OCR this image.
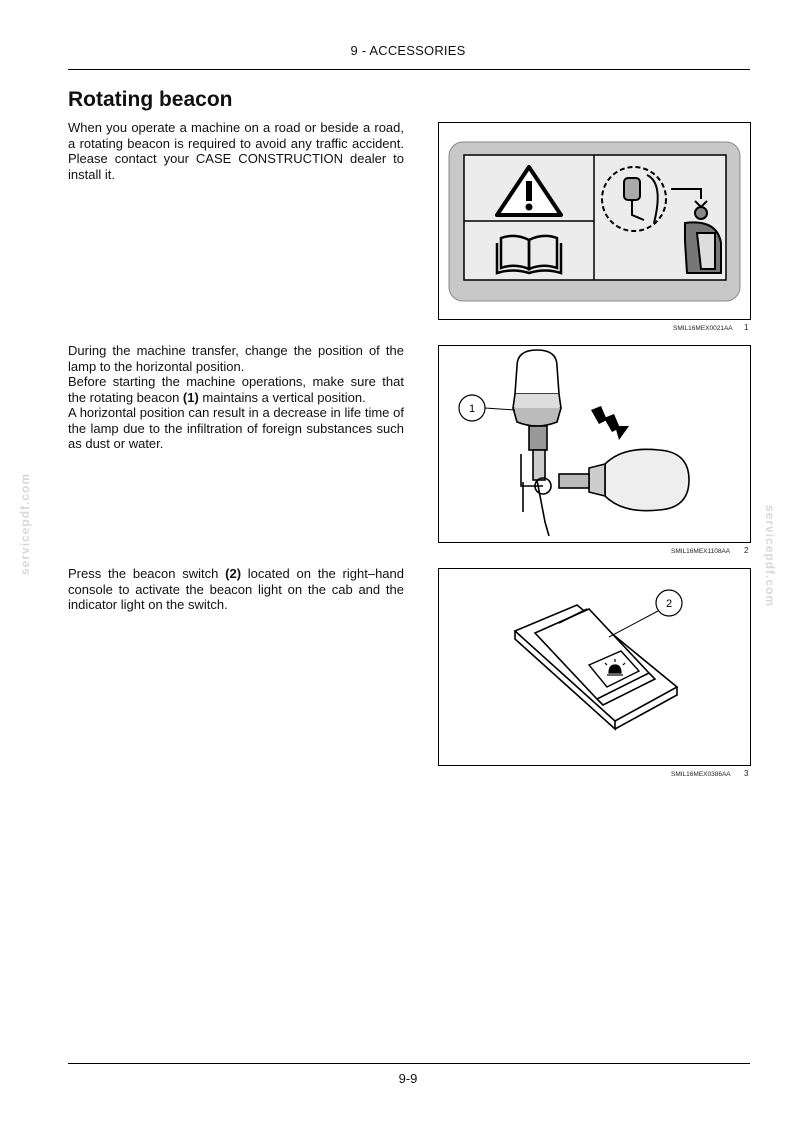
9 - ACCESSORIES
Rotating beacon

When you operate a machine on a road or beside a road, a rotating beacon is required to avoid any traffic accident. Please contact your CASE CONSTRUCTION dealer to install it.

SMIL16MEX0021AA 1

During the machine transfer, change the position of the lamp to the horizontal position.

Before starting the machine operations, make sure that the rotating beacon (1) maintains a vertical position.

A horizontal position can result in a decrease in life time of the lamp due to the infiltration of foreign substances such as dust or water.

1
SMIL16MEX1108AA 2

Press the beacon switch (2) located on the right–hand console to activate the beacon light on the cab and the indicator light on the switch.	2
SMIL16MEX0386AA 3
servicepdf.com	servicepdf.com
9-9
